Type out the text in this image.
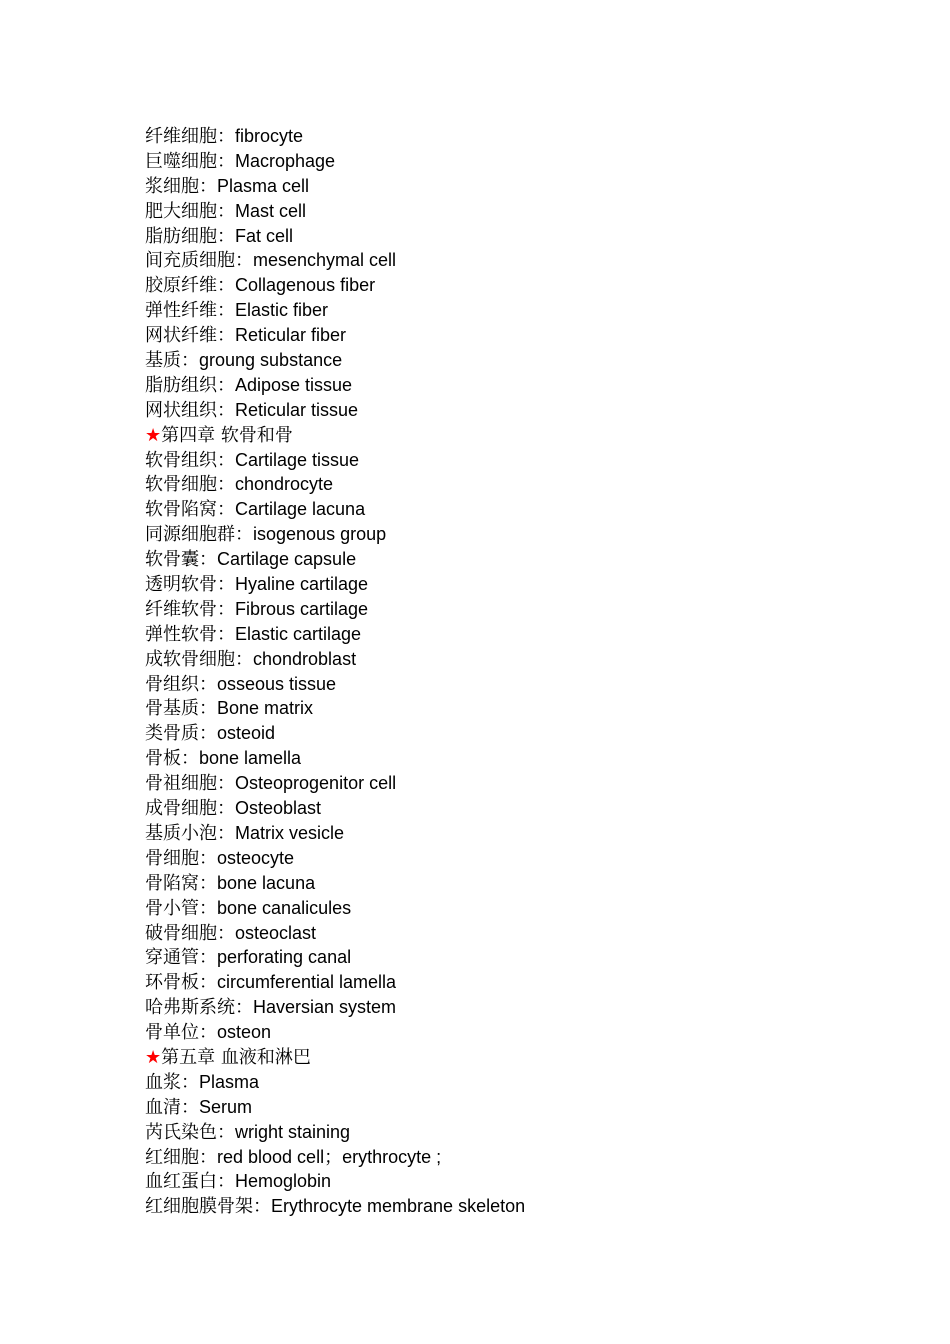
纤维细胞：fibrocyte
巨噬细胞：Macrophage
浆细胞：Plasma cell
肥大细胞：Mast cell
脂肪细胞：Fat cell
间充质细胞：mesenchymal cell
胶原纤维：Collagenous fiber
弹性纤维：Elastic fiber
网状纤维：Reticular fiber
基质：groung substance
脂肪组织：Adipose tissue
网状组织：Reticular tissue
★第四章 软骨和骨
软骨组织：Cartilage tissue
软骨细胞：chondrocyte
软骨陷窝：Cartilage lacuna
同源细胞群：isogenous group
软骨囊：Cartilage capsule
透明软骨：Hyaline cartilage
纤维软骨：Fibrous cartilage
弹性软骨：Elastic cartilage
成软骨细胞：chondroblast
骨组织：osseous tissue
骨基质：Bone matrix
类骨质：osteoid
骨板：bone lamella
骨祖细胞：Osteoprogenitor cell
成骨细胞：Osteoblast
基质小泡：Matrix vesicle
骨细胞：osteocyte
骨陷窝：bone lacuna
骨小管：bone canalicules
破骨细胞：osteoclast
穿通管：perforating canal
环骨板：circumferential lamella
哈弗斯系统：Haversian system
骨单位：osteon
★第五章 血液和淋巴
血浆：Plasma
血清：Serum
芮氏染色：wright staining
红细胞：red blood cell；erythrocyte ;
血红蛋白：Hemoglobin
红细胞膜骨架：Erythrocyte membrane skeleton
